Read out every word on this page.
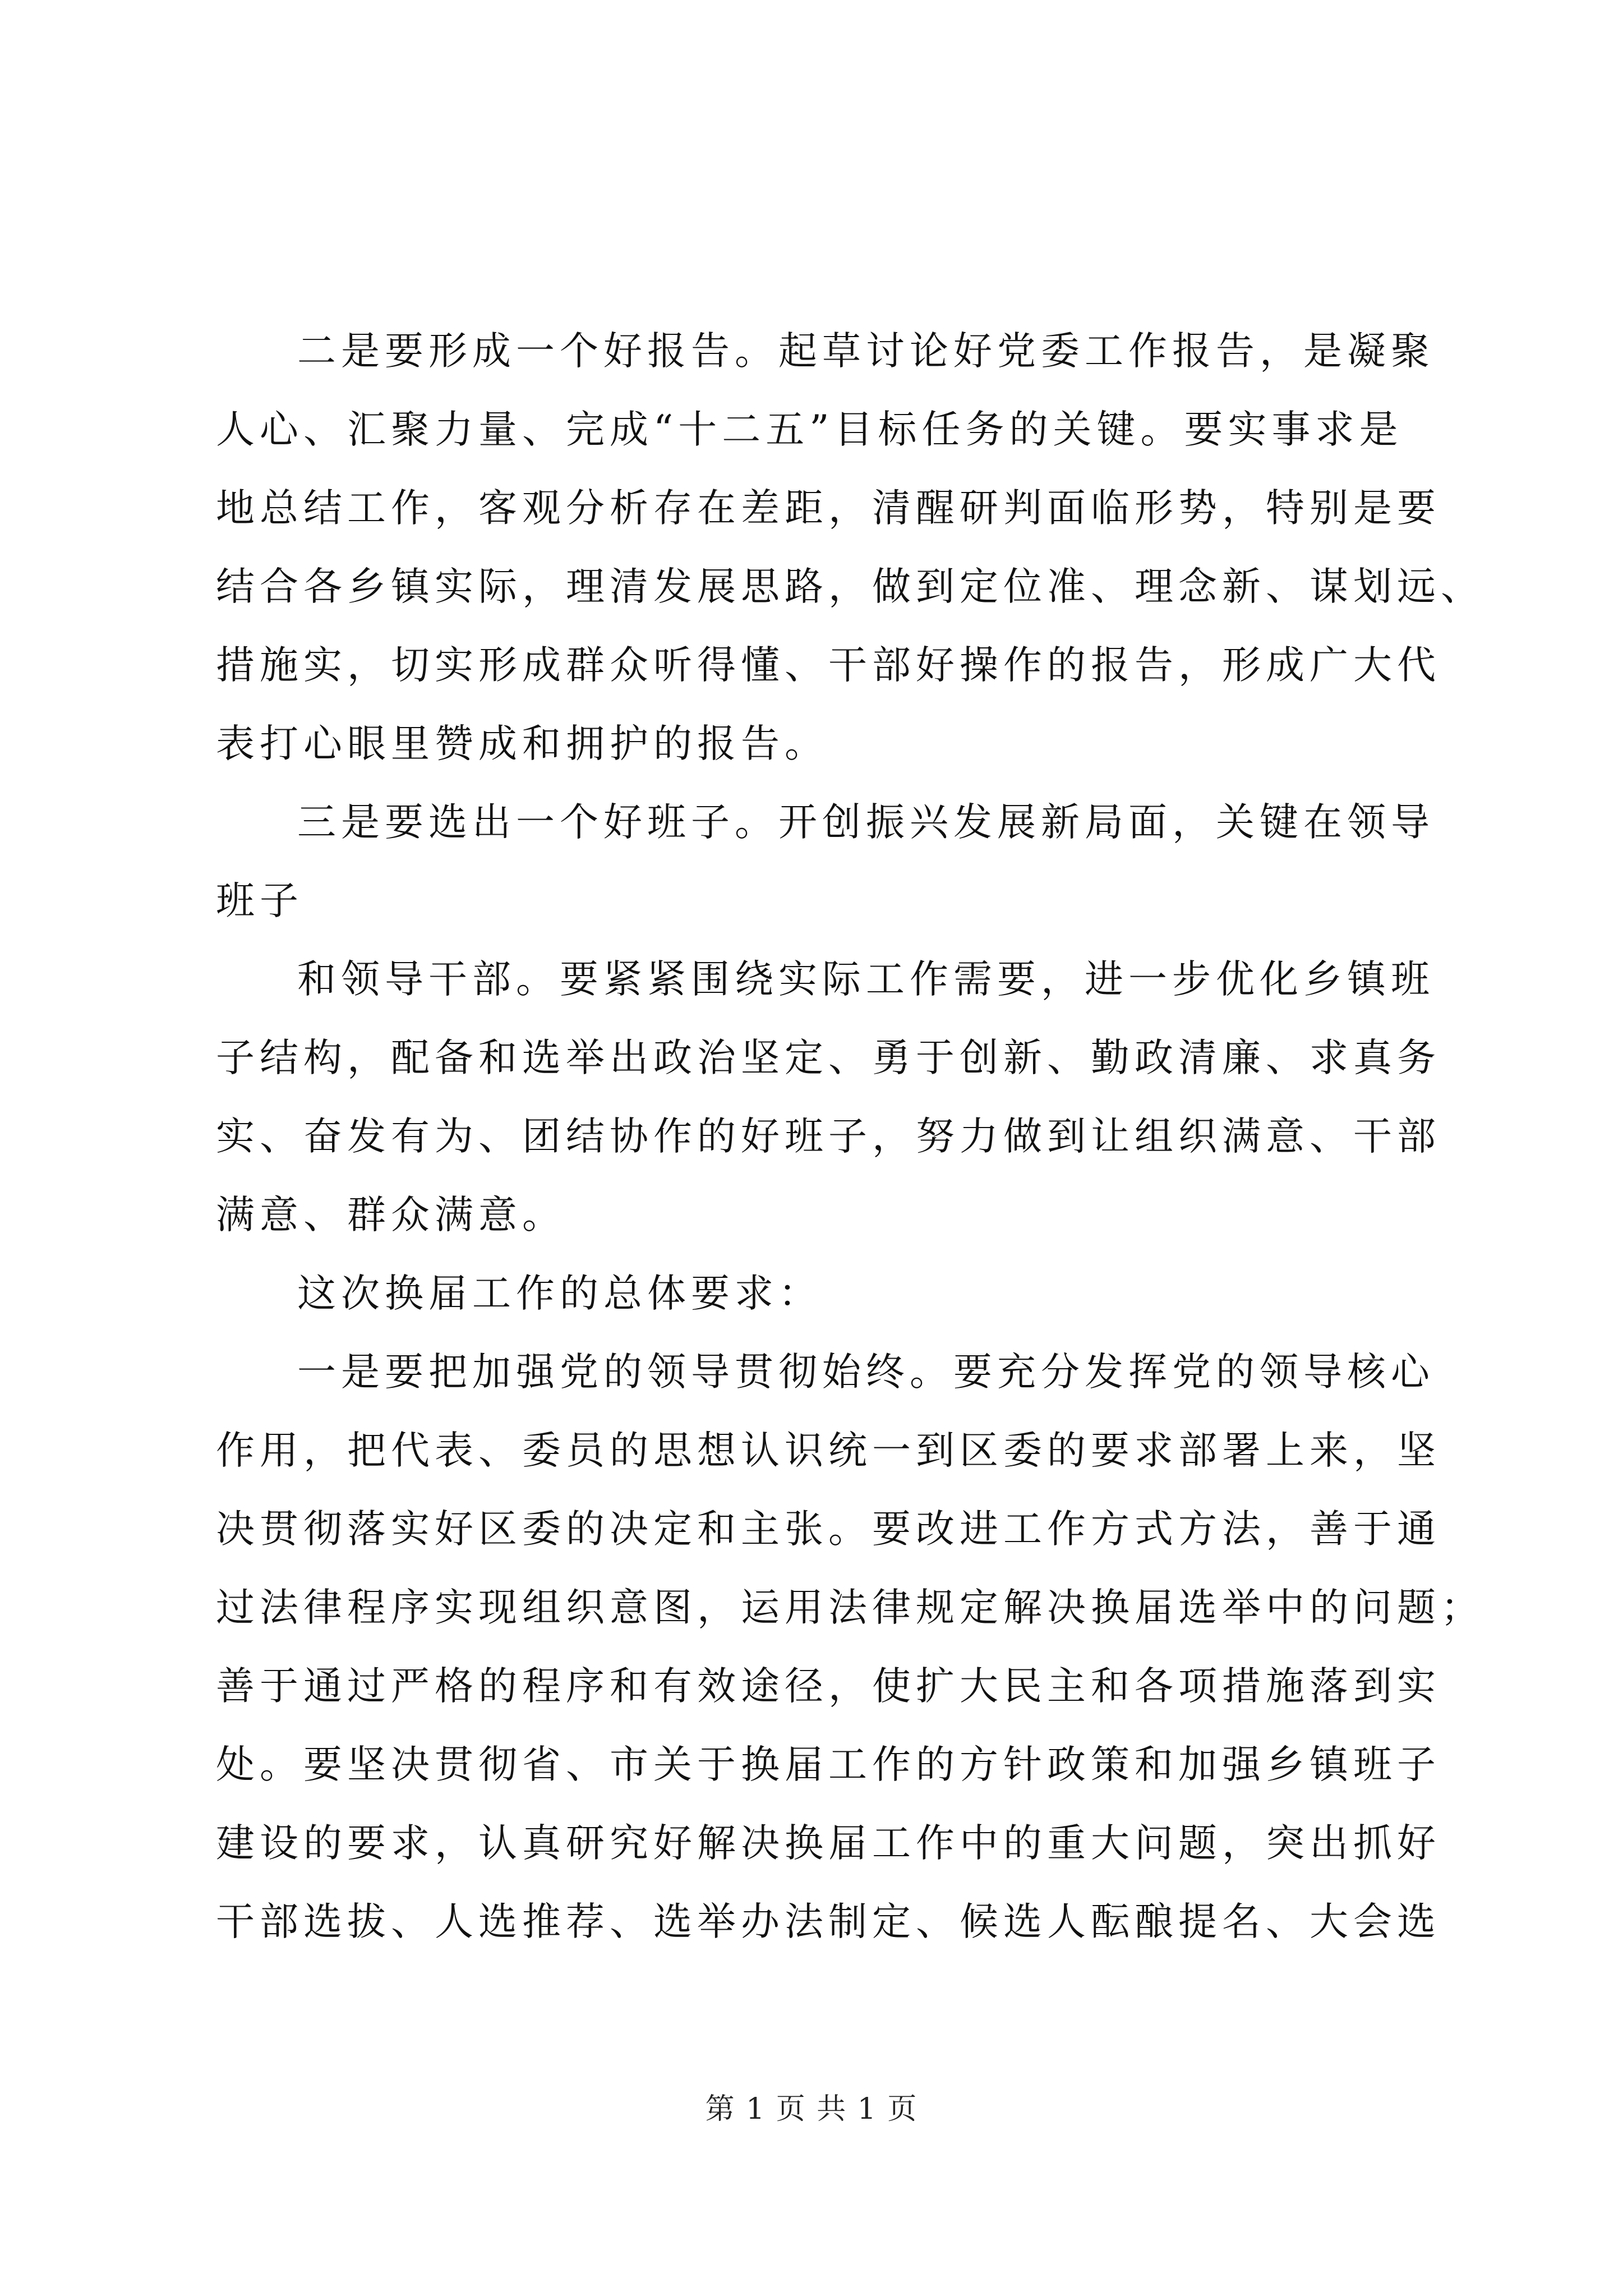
二是要形成一个好报告。起草讨论好党委工作报告，是凝聚
人心、汇聚力量、完成“十二五”目标任务的关键。要实事求是
地总结工作，客观分析存在差距，清醒研判面临形势，特别是要
结合各乡镇实际，理清发展思路，做到定位准、理念新、谋划远、
措施实，切实形成群众听得懂、干部好操作的报告，形成广大代
表打心眼里赞成和拥护的报告。
三是要选出一个好班子。开创振兴发展新局面，关键在领导
班子
和领导干部。要紧紧围绕实际工作需要，进一步优化乡镇班
子结构，配备和选举出政治坚定、勇于创新、勤政清廉、求真务
实、奋发有为、团结协作的好班子，努力做到让组织满意、干部
满意、群众满意。
这次换届工作的总体要求：
一是要把加强党的领导贯彻始终。要充分发挥党的领导核心
作用，把代表、委员的思想认识统一到区委的要求部署上来，坚
决贯彻落实好区委的决定和主张。要改进工作方式方法，善于通
过法律程序实现组织意图，运用法律规定解决换届选举中的问题；
善于通过严格的程序和有效途径，使扩大民主和各项措施落到实
处。要坚决贯彻省、市关于换届工作的方针政策和加强乡镇班子
建设的要求，认真研究好解决换届工作中的重大问题，突出抓好
干部选拔、人选推荐、选举办法制定、候选人酝酿提名、大会选
第 1 页 共 1 页
